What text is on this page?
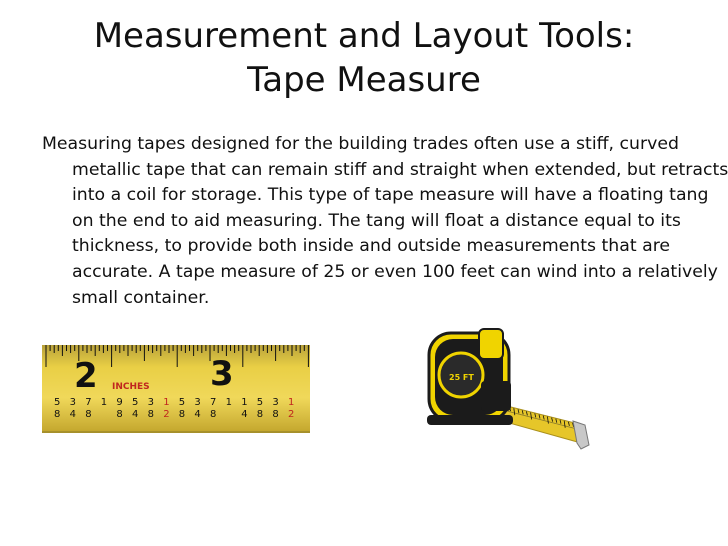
Measurement and Layout Tools:
Tape Measure

Measuring tapes designed for the building trades often use a stiff, curved metallic tape that can remain stiff and straight when extended, but retracts into a coil for storage. This type of tape measure will have a floating tang on the end to aid measuring. The tang will float a distance equal to its thickness, to provide both inside and outside measurements that are accurate. A tape measure of 25 or even 100 feet can wind into a relatively small container.

2	3
INCHES
5
8
3
4
7
8
1 9
8
5
4
3
8
1
2
5
8
3
4
7
8
1 1
4
5
8
3
8
1
2
25 FT
